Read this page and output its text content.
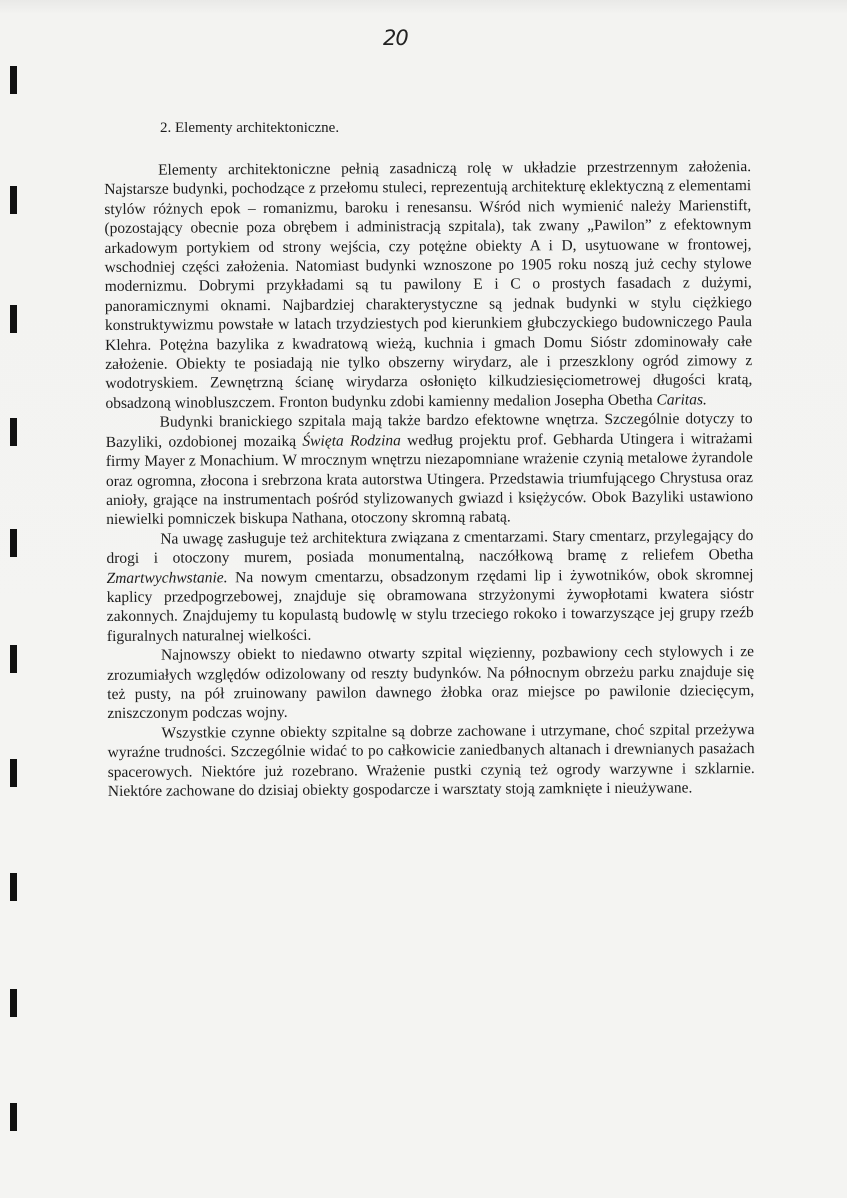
20
2. Elementy architektoniczne.

Elementy architektoniczne pełnią zasadniczą rolę w układzie przestrzennym założenia. Najstarsze budynki, pochodzące z przełomu stuleci, reprezentują architekturę eklektyczną z elementami stylów różnych epok – romanizmu, baroku i renesansu. Wśród nich wymienić należy Marienstift, (pozostający obecnie poza obrębem i administracją szpitala), tak zwany „Pawilon” z efektownym arkadowym portykiem od strony wejścia, czy potężne obiekty A i D, usytuowane w frontowej, wschodniej części założenia. Natomiast budynki wznoszone po 1905 roku noszą już cechy stylowe modernizmu. Dobrymi przykładami są tu pawilony E i C o prostych fasadach z dużymi, panoramicznymi oknami. Najbardziej charakterystyczne są jednak budynki w stylu ciężkiego konstruktywizmu powstałe w latach trzydziestych pod kierunkiem głubczyckiego budowniczego Paula Klehra. Potężna bazylika z kwadratową wieżą, kuchnia i gmach Domu Sióstr zdominowały całe założenie. Obiekty te posiadają nie tylko obszerny wirydarz, ale i przeszklony ogród zimowy z wodotryskiem. Zewnętrzną ścianę wirydarza osłonięto kilkudziesięciometrowej długości kratą, obsadzoną winobluszczem. Fronton budynku zdobi kamienny medalion Josepha Obetha Caritas.

Budynki branickiego szpitala mają także bardzo efektowne wnętrza. Szczególnie dotyczy to Bazyliki, ozdobionej mozaiką Święta Rodzina według projektu prof. Gebharda Utingera i witrażami firmy Mayer z Monachium. W mrocznym wnętrzu niezapomniane wrażenie czynią metalowe żyrandole oraz ogromna, złocona i srebrzona krata autorstwa Utingera. Przedstawia triumfującego Chrystusa oraz anioły, grające na instrumentach pośród stylizowanych gwiazd i księżyców. Obok Bazyliki ustawiono niewielki pomniczek biskupa Nathana, otoczony skromną rabatą.

Na uwagę zasługuje też architektura związana z cmentarzami. Stary cmentarz, przylegający do drogi i otoczony murem, posiada monumentalną, naczółkową bramę z reliefem Obetha Zmartwychwstanie. Na nowym cmentarzu, obsadzonym rzędami lip i żywotników, obok skromnej kaplicy przedpogrzebowej, znajduje się obramowana strzyżonymi żywopłotami kwatera sióstr zakonnych. Znajdujemy tu kopulastą budowlę w stylu trzeciego rokoko i towarzyszące jej grupy rzeźb figuralnych naturalnej wielkości.

Najnowszy obiekt to niedawno otwarty szpital więzienny, pozbawiony cech stylowych i ze zrozumiałych względów odizolowany od reszty budynków. Na północnym obrzeżu parku znajduje się też pusty, na pół zruinowany pawilon dawnego żłobka oraz miejsce po pawilonie dziecięcym, zniszczonym podczas wojny.

Wszystkie czynne obiekty szpitalne są dobrze zachowane i utrzymane, choć szpital przeżywa wyraźne trudności. Szczególnie widać to po całkowicie zaniedbanych altanach i drewnianych pasażach spacerowych. Niektóre już rozebrano. Wrażenie pustki czynią też ogrody warzywne i szklarnie. Niektóre zachowane do dzisiaj obiekty gospodarcze i warsztaty stoją zamknięte i nieużywane.
